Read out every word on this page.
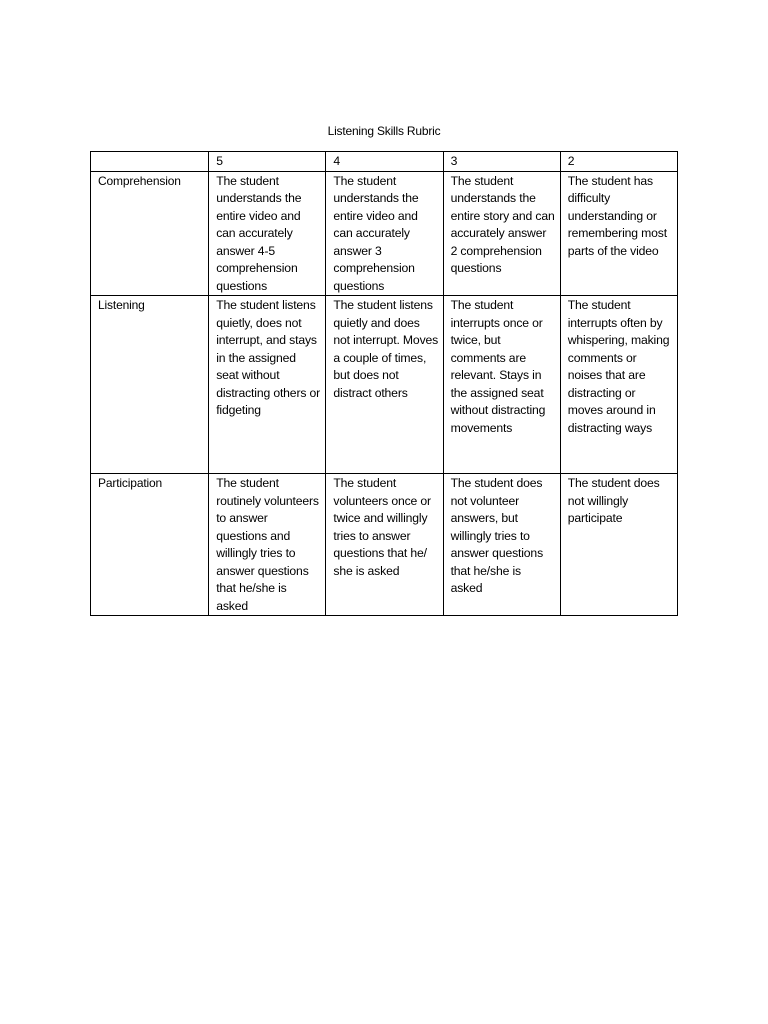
Listening Skills Rubric
	5	4	3	2
Comprehension	The student understands the entire video and can accurately answer 4-5 comprehension questions	The student understands the entire video and can accurately answer 3 comprehension questions	The student understands the entire story and can accurately answer 2 comprehension questions	The student has difficulty understanding or remembering most parts of the video
Listening	The student listens quietly, does not interrupt, and stays in the assigned seat without distracting others or fidgeting	The student listens quietly and does not interrupt. Moves a couple of times, but does not distract others	The student interrupts once or twice, but comments are relevant. Stays in the assigned seat without distracting movements	The student interrupts often by whispering, making comments or noises that are distracting or moves around in distracting ways
Participation	The student routinely volunteers to answer questions and willingly tries to answer questions that he/she is asked	The student volunteers once or twice and willingly tries to answer questions that he/ she is asked	The student does not volunteer answers, but willingly tries to answer questions that he/she is asked	The student does not willingly participate
